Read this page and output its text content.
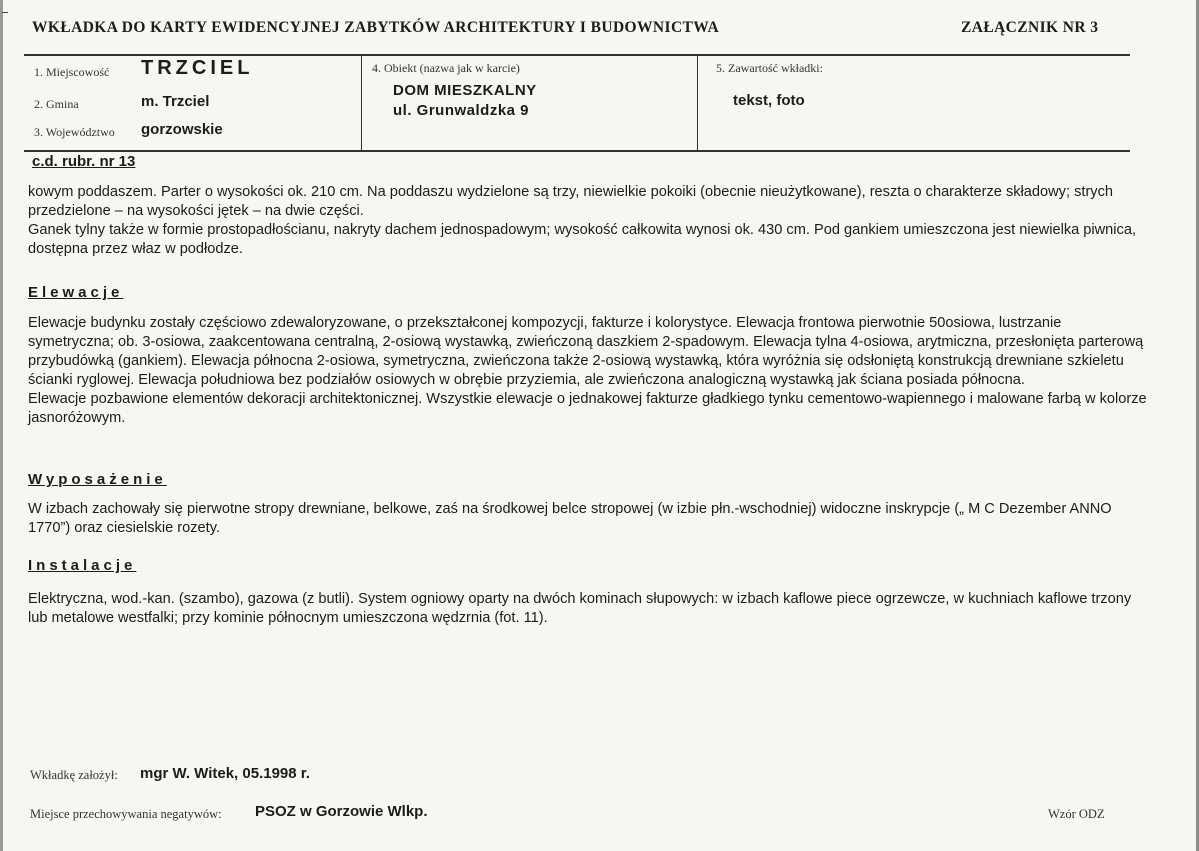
WKŁADKA DO KARTY EWIDENCYJNEJ ZABYTKÓW ARCHITEKTURY I BUDOWNICTWA	ZAŁĄCZNIK NR 3
1. Miejscowość TRZCIEL
2. Gmina	m. Trzciel
3. Województwo gorzowskie
4. Obiekt (nazwa jak w karcie)
DOM MIESZKALNY
ul. Grunwaldzka 9
5. Zawartość wkładki:
tekst, foto
c.d. rubr. nr 13

kowym poddaszem. Parter o wysokości ok. 210 cm. Na poddaszu wydzielone są trzy, niewielkie pokoiki (obecnie nieużytkowane), reszta o charakterze składowy; strych przedzielone – na wysokości jętek – na dwie części.

Ganek tylny także w formie prostopadłościanu, nakryty dachem jednospadowym; wysokość całkowita wynosi ok. 430 cm. Pod gankiem umieszczona jest niewielka piwnica, dostępna przez właz w podłodze.

Elewacje

Elewacje budynku zostały częściowo zdewaloryzowane, o przekształconej kompozycji, fakturze i kolorystyce. Elewacja frontowa pierwotnie 50osiowa, lustrzanie symetryczna; ob. 3-osiowa, zaakcentowana centralną, 2-osiową wystawką, zwieńczoną daszkiem 2-spadowym. Elewacja tylna 4-osiowa, arytmiczna, przesłonięta parterową przybudówką (gankiem). Elewacja północna 2-osiowa, symetryczna, zwieńczona także 2-osiową wystawką, która wyróżnia się odsłoniętą konstrukcją drewniane szkieletu ścianki ryglowej. Elewacja południowa bez podziałów osiowych w obrębie przyziemia, ale zwieńczona analogiczną wystawką jak ściana posiada północna.

Elewacje pozbawione elementów dekoracji architektonicznej. Wszystkie elewacje o jednakowej fakturze gładkiego tynku cementowo-wapiennego i malowane farbą w kolorze jasnoróżowym.

Wyposażenie

W izbach zachowały się pierwotne stropy drewniane, belkowe, zaś na środkowej belce stropowej (w izbie płn.-wschodniej) widoczne inskrypcje („ M C Dezember ANNO 1770”) oraz ciesielskie rozety.

Instalacje

Elektryczna, wod.-kan. (szambo), gazowa (z butli). System ogniowy oparty na dwóch kominach słupowych: w izbach kaflowe piece ogrzewcze, w kuchniach kaflowe trzony lub metalowe westfalki; przy kominie północnym umieszczona wędzrnia (fot. 11).

Wkładkę założył: mgr W. Witek, 05.1998 r.
Miejsce przechowywania negatywów: PSOZ w Gorzowie Wlkp.	Wzór ODZ
